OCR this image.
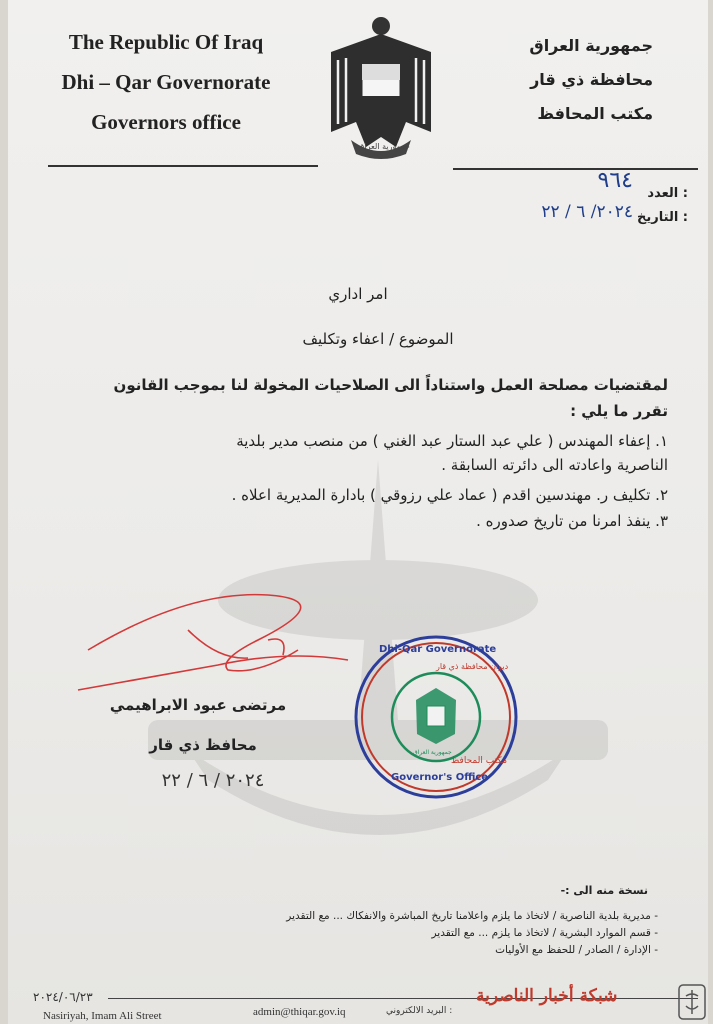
The Republic Of Iraq
Dhi – Qar Governorate
Governors office
جمهورية العراق
جمهورية العراق
محافظة ذي قار
مكتب المحافظ
: العدد
٩٦٤
: التاريخ
٢٠٢٤/ ٦ / ٢٢
امر اداري
الموضوع / اعفاء وتكليف
لمقتضيات مصلحة العمل واستناداً الى الصلاحيات المخولة لنا بموجب القانون
تقرر ما يلي :
١. إعفاء المهندس ( علي عبد الستار عبد الغني ) من منصب مدير بلدية
الناصرية واعادته الى دائرته السابقة .
٢. تكليف ر. مهندسين اقدم ( عماد علي رزوقي ) بادارة المديرية اعلاه .
٣. ينفذ امرنا من تاريخ صدوره .
مرتضى عبود الابراهيمي
محافظ ذي قار
٢٠٢٤ / ٦ / ٢٢
Dhi-Qar Governorate
ديوان محافظة ذي قار
Governor's Office
مكتب المحافظ
جمهورية العراق
نسخة منه الى :-
- مديرية بلدية الناصرية / لاتخاذ ما يلزم واعلامنا تاريخ المباشرة والانفكاك ... مع التقدير
- قسم الموارد البشرية / لاتخاذ ما يلزم ... مع التقدير
- الإدارة / الصادر / للحفظ مع الأوليات
٢٠٢٤/٠٦/٢٣
Nasiriyah, Imam Ali Street	admin@thiqar.gov.iq	: البريد الالكتروني
شبكة أخبار الناصرية
